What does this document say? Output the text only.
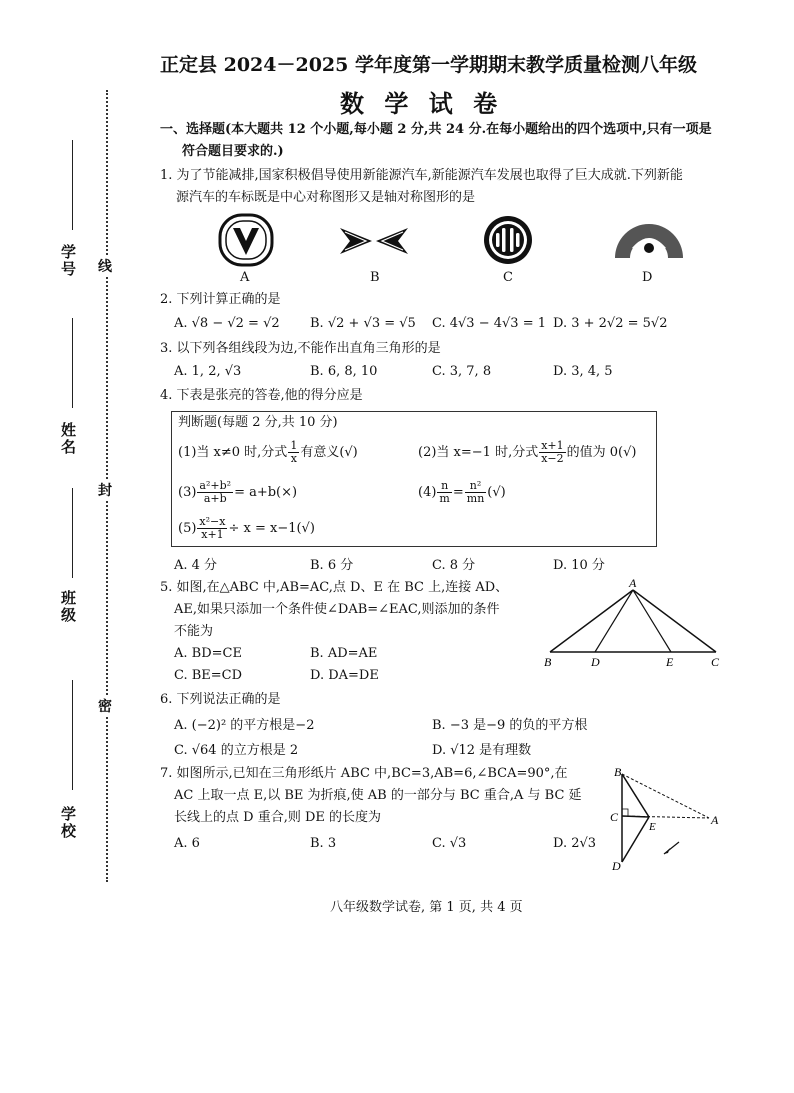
正定县 2024－2025 学年度第一学期期末教学质量检测八年级
数 学 试 卷
学号
姓名
班级
学校
线
封
密
一、选择题(本大题共 12 个小题,每小题 2 分,共 24 分.在每小题给出的四个选项中,只有一项是
符合题目要求的.)
1. 为了节能减排,国家积极倡导使用新能源汽车,新能源汽车发展也取得了巨大成就.下列新能
源汽车的车标既是中心对称图形又是轴对称图形的是
A	B	C	D
2. 下列计算正确的是
A. √8 − √2 = √2 B. √2 + √3 = √5 C. 4√3 − 4√3 = 1 D. 3 + 2√2 = 5√2
3. 以下列各组线段为边,不能作出直角三角形的是
A. 1, 2, √3	B. 6, 8, 10	C. 3, 7, 8	D. 3, 4, 5
4. 下表是张亮的答卷,他的得分应是
判断题(每题 2 分,共 10 分)
(1)当 x≠0 时,分式 $\frac{1}{x}$ 有意义(√)	(2)当 x=−1 时,分式 $\frac{x+1}{x-2}$ 的值为 0(√)
$(3) \frac{\text{a²+b²}}{a+b} = a+b(\times)$	$(4) \frac{n}{m} = \frac{\text{n²}}{mn}$ (√)
$(5) \frac{\text{x²−x}}{x+1} \div x = x-1(√)$
A. 4 分	B. 6 分	C. 8 分	D. 10 分
5. 如图,在△ABC 中,AB=AC,点 D、E 在 BC 上,连接 AD、
AE,如果只添加一个条件使∠DAB=∠EAC,则添加的条件
不能为
A. BD=CE	B. AD=AE
C. BE=CD	D. DA=DE
A
B	D	E	C
6. 下列说法正确的是
A. (−2)² 的平方根是−2	B. −3 是−9 的负的平方根
C. √64 的立方根是 2	D. √12 是有理数
7. 如图所示,已知在三角形纸片 ABC 中,BC=3,AB=6,∠BCA=90°,在
AC 上取一点 E,以 BE 为折痕,使 AB 的一部分与 BC 重合,A 与 BC 延
长线上的点 D 重合,则 DE 的长度为
A. 6	B. 3	C. √3	D. 2√3
B
C
E	A
D
八年级数学试卷, 第 1 页, 共 4 页
